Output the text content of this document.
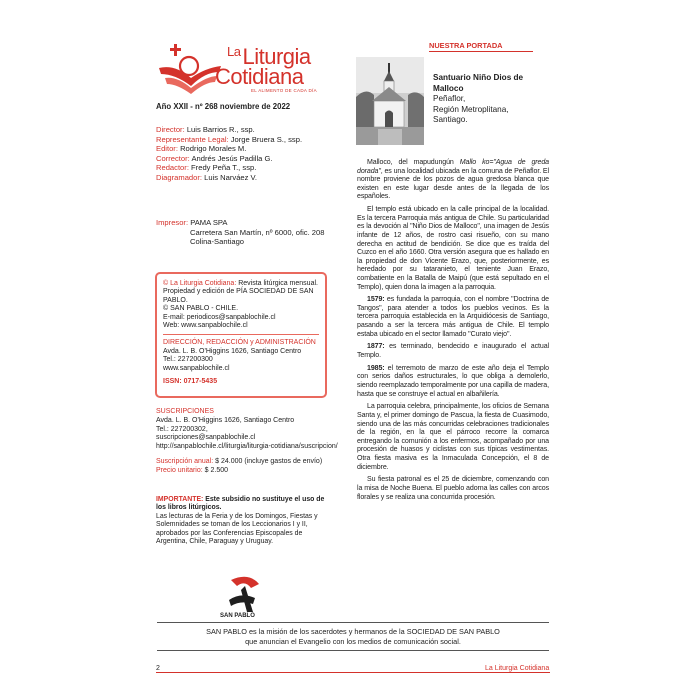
$^{La}$Liturgia
Cotidiana
EL ALIMENTO DE CADA DÍA
Año XXII - nº 268 noviembre de 2022
Director: Luis Barrios R., ssp.
Representante Legal: Jorge Bruera S., ssp.
Editor: Rodrigo Morales M.
Corrector: Andrés Jesús Padilla G.
Redactor: Fredy Peña T., ssp.
Diagramador: Luis Narváez V.
Impresor: PAMA SPA
Carretera San Martín, nº 6000, ofic. 208
Colina-Santiago
© La Liturgia Cotidiana: Revista litúrgica mensual.
Propiedad y edición de PÍA SOCIEDAD DE SAN PABLO.
© SAN PABLO - CHILE.
E-mail: periodicos@sanpablochile.cl
Web: www.sanpablochile.cl
DIRECCIÓN, REDACCIÓN y ADMINISTRACIÓN
Avda. L. B. O'Higgins 1626, Santiago Centro
Tel.: 227200300
www.sanpablochile.cl
ISSN: 0717-5435
SUSCRIPCIONES
Avda. L. B. O'Higgins 1626, Santiago Centro
Tel.: 227200302,
suscripciones@sanpablochile.cl
http://sanpablochile.cl/liturgia/liturgia-cotidiana/suscripcion/
Suscripción anual: $ 24.000 (incluye gastos de envío)
Precio unitario: $ 2.500
IMPORTANTE: Este subsidio no sustituye el uso de los libros litúrgicos.
Las lecturas de la Feria y de los Domingos, Fiestas y Solemnidades se toman de los Leccionarios I y II, aprobados por las Conferencias Episcopales de Argentina, Chile, Paraguay y Uruguay.
SAN PABLO
NUESTRA PORTADA
Santuario Niño Dios de Malloco
Peñaflor,
Región Metroplitana, Santiago.

Malloco, del mapudungún Mallo ko="Agua de greda dorada", es una localidad ubicada en la comuna de Peñaflor. El nombre proviene de los pozos de agua gredosa blanca que existen en este lugar desde antes de la llegada de los españoles.

El templo está ubicado en la calle principal de la localidad. Es la tercera Parroquia más antigua de Chile. Su particularidad es la devoción al "Niño Dios de Malloco", una imagen de Jesús infante de 12 años, de rostro casi risueño, con su mano derecha en actitud de bendición. Se dice que es traída del Cuzco en el año 1660. Otra versión asegura que es hallado en la propiedad de don Vicente Erazo, que, posteriormente, es heredado por su tataranieto, el teniente Juan Erazo, combatiente en la Batalla de Maipú (que está sepultado en el Templo), quien dona la imagen a la parroquia.

1579: es fundada la parroquia, con el nombre "Doctrina de Tangos", para atender a todos los pueblos vecinos. Es la tercera parroquia establecida en la Arquidiócesis de Santiago, pasando a ser la tercera más antigua de Chile. El templo estaba ubicado en el sector llamado "Curato viejo".

1877: es terminado, bendecido e inaugurado el actual Templo.

1985: el terremoto de marzo de este año deja el Templo con serios daños estructurales, lo que obliga a demolerlo, siendo reemplazado temporalmente por una capilla de madera, hasta que se construye el actual en albañilería.

La parroquia celebra, principalmente, los oficios de Semana Santa y, el primer domingo de Pascua, la fiesta de Cuasimodo, siendo una de las más concurridas celebraciones tradicionales de la región, en la que el párroco recorre la comarca entregando la comunión a los enfermos, acompañado por una procesión de huasos y ciclistas con sus típicas vestimentas. Otra fiesta masiva es la Inmaculada Concepción, el 8 de diciembre.

Su fiesta patronal es el 25 de diciembre, comenzando con la misa de Noche Buena. El pueblo adorna las calles con arcos florales y se realiza una concurrida procesión.

SAN PABLO es la misión de los sacerdotes y hermanos de la SOCIEDAD DE SAN PABLO
que anuncian el Evangelio con los medios de comunicación social.
2	La Liturgia Cotidiana
